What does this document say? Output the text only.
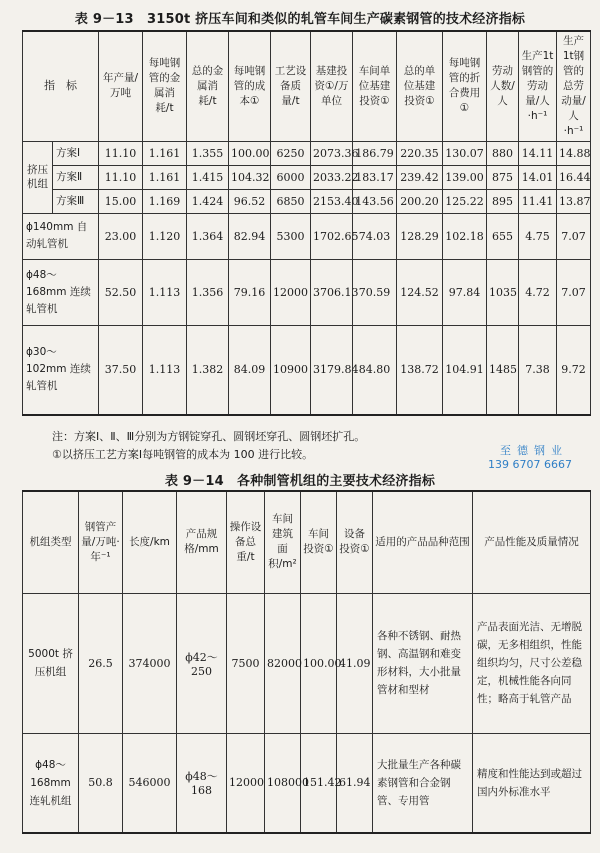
表 9－13　3150t 挤压车间和类似的轧管车间生产碳素钢管的技术经济指标
指　标		年产量/万吨	每吨钢管的金属消耗/t	总的金属消耗/t	每吨钢管的成本①	工艺设备质量/t	基建投资①/万单位	车间单位基建投资①	总的单位基建投资①	每吨钢管的折合费用①	劳动人数/人	生产1t钢管的劳动量/人·h⁻¹	生产1t钢管的总劳动量/人·h⁻¹
挤压机组	方案Ⅰ	11.10	1.161	1.355	100.00	6250	2073.36	186.79	220.35	130.07	880	14.11	14.88
	方案Ⅱ	11.10	1.161	1.415	104.32	6000	2033.22	183.17	239.42	139.00	875	14.01	16.44
	方案Ⅲ	15.00	1.169	1.424	96.52	6850	2153.40	143.56	200.20	125.22	895	11.41	13.87
ϕ140mm 自动轧管机		23.00	1.120	1.364	82.94	5300	1702.65	74.03	128.29	102.18	655	4.75	7.07
ϕ48～168mm 连续轧管机		52.50	1.113	1.356	79.16	12000	3706.13	70.59	124.52	97.84	1035	4.72	7.07
ϕ30～102mm 连续轧管机		37.50	1.113	1.382	84.09	10900	3179.84	84.80	138.72	104.91	1485	7.38	9.72
注：方案Ⅰ、Ⅱ、Ⅲ分别为方钢锭穿孔、圆钢坯穿孔、圆钢坯扩孔。
①以挤压工艺方案Ⅰ每吨钢管的成本为 100 进行比较。	至德钢业
139 6707 6667
表 9－14　各种制管机组的主要技术经济指标
机组类型	钢管产量/万吨·年⁻¹	长度/km	产品规格/mm	操作设备总重/t	车间建筑面积/m²	车间投资①	设备投资①	适用的产品品种范围	产品性能及质量情况
5000t 挤压机组	26.5	374000	ϕ42～250	7500	82000	100.00	41.09	各种不锈钢、耐热钢、高温钢和难变形材料，大小批量管材和型材	产品表面光洁、无增脱碳，无多相组织，性能组织均匀，尺寸公差稳定，机械性能各向同性；略高于轧管产品
ϕ48～168mm 连轧机组	50.8	546000	ϕ48～168	12000	108000	151.42	61.94	大批量生产各种碳素钢管和合金钢管、专用管	精度和性能达到或超过国内外标准水平
